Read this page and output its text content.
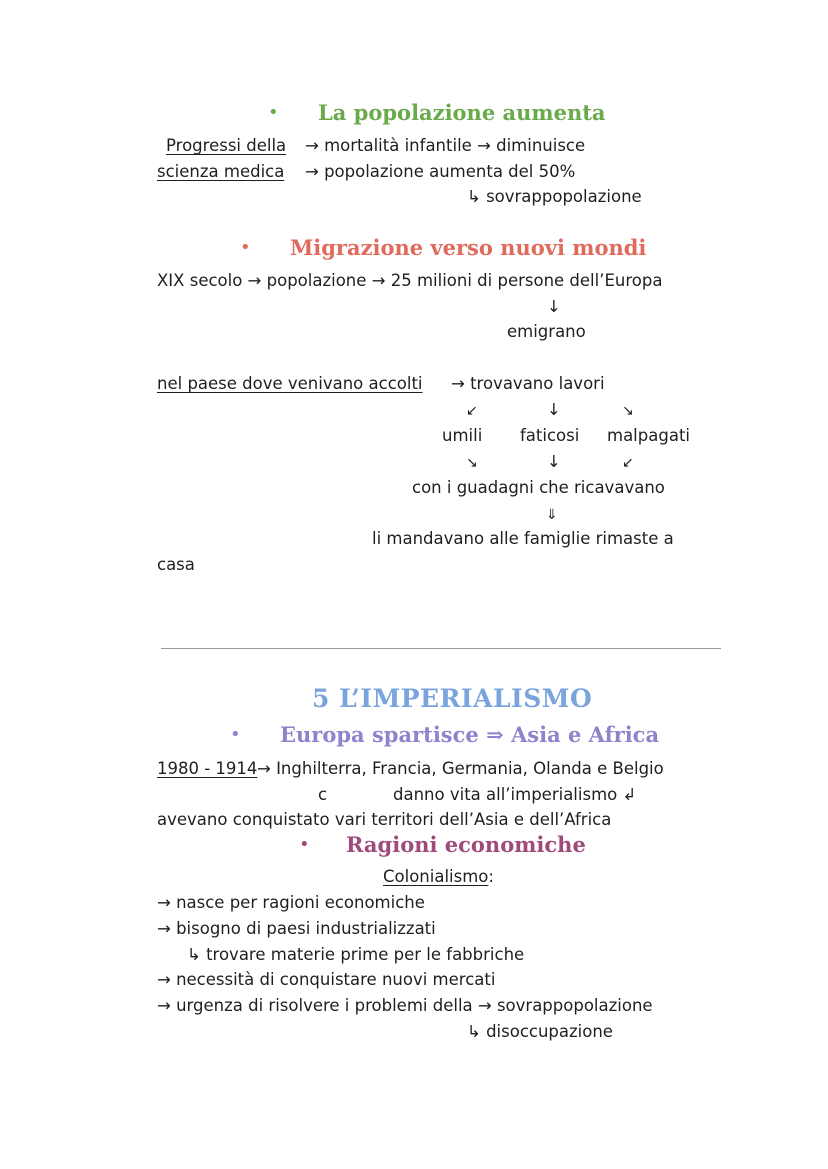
• La popolazione aumenta
Progressi della → mortalità infantile → diminuisce
scienza medica → popolazione aumenta del 50%
↳ sovrappopolazione
• Migrazione verso nuovi mondi
XIX secolo → popolazione → 25 milioni di persone dell’Europa
↓
emigrano
nel paese dove venivano accolti → trovavano lavori
↙	↓	↘
umili faticosi malpagati
↘	↓	↙
con i guadagni che ricavavano
⇓
li mandavano alle famiglie rimaste a
casa
5 L’IMPERIALISMO
• Europa spartisce ⇒ Asia e Africa
1980 - 1914 → Inghilterra, Francia, Germania, Olanda e Belgio
c	danno vita all’imperialismo ↲
avevano conquistato vari territori dell’Asia e dell’Africa
• Ragioni economiche
Colonialismo:
→ nasce per ragioni economiche
→ bisogno di paesi industrializzati
↳ trovare materie prime per le fabbriche
→ necessità di conquistare nuovi mercati
→ urgenza di risolvere i problemi della → sovrappopolazione
↳ disoccupazione
